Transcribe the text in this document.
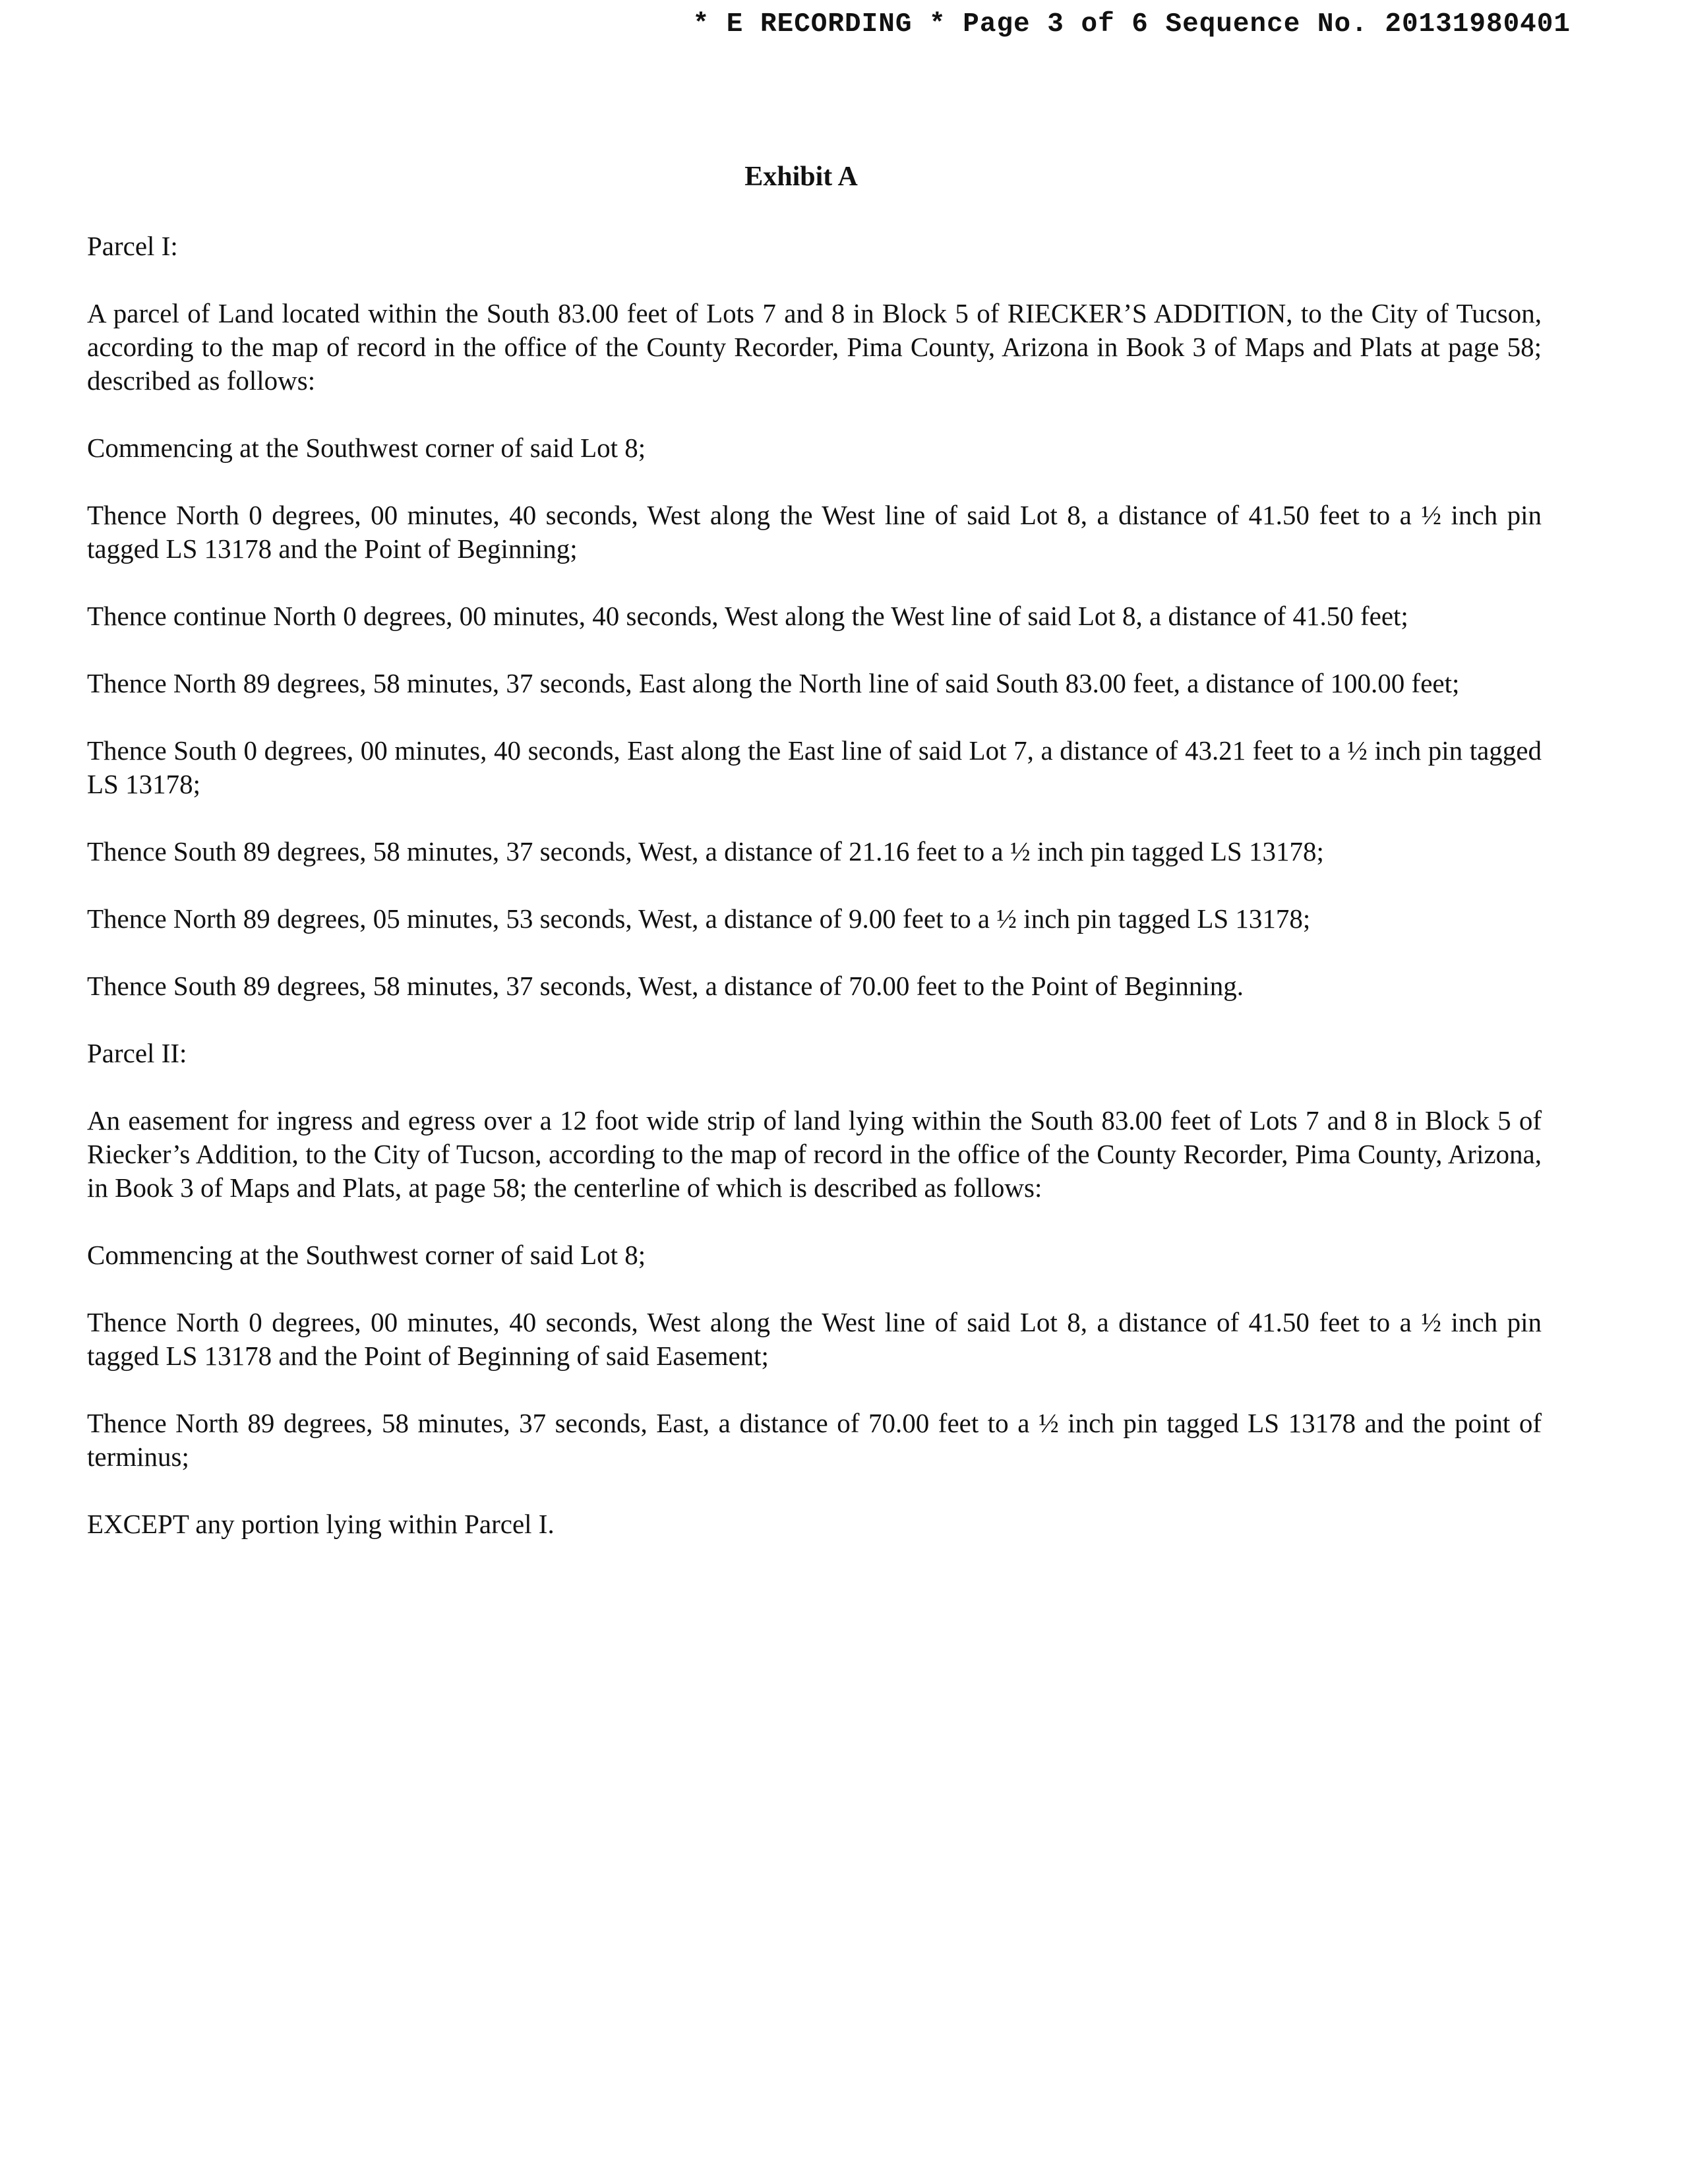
* E RECORDING * Page 3 of 6 Sequence No. 20131980401
Exhibit A

Parcel I:

A parcel of Land located within the South 83.00 feet of Lots 7 and 8 in Block 5 of RIECKER’S ADDITION, to the City of Tucson, according to the map of record in the office of the County Recorder, Pima County, Arizona in Book 3 of Maps and Plats at page 58; described as follows:

Commencing at the Southwest corner of said Lot 8;

Thence North 0 degrees, 00 minutes, 40 seconds, West along the West line of said Lot 8, a distance of 41.50 feet to a ½ inch pin tagged LS 13178 and the Point of Beginning;

Thence continue North 0 degrees, 00 minutes, 40 seconds, West along the West line of said Lot 8, a distance of 41.50 feet;

Thence North 89 degrees, 58 minutes, 37 seconds, East along the North line of said South 83.00 feet, a distance of 100.00 feet;

Thence South 0 degrees, 00 minutes, 40 seconds, East along the East line of said Lot 7, a distance of 43.21 feet to a ½ inch pin tagged LS 13178;

Thence South 89 degrees, 58 minutes, 37 seconds, West, a distance of 21.16 feet to a ½ inch pin tagged LS 13178;

Thence North 89 degrees, 05 minutes, 53 seconds, West, a distance of 9.00 feet to a ½ inch pin tagged LS 13178;

Thence South 89 degrees, 58 minutes, 37 seconds, West, a distance of 70.00 feet to the Point of Beginning.

Parcel II:

An easement for ingress and egress over a 12 foot wide strip of land lying within the South 83.00 feet of Lots 7 and 8 in Block 5 of Riecker’s Addition, to the City of Tucson, according to the map of record in the office of the County Recorder, Pima County, Arizona, in Book 3 of Maps and Plats, at page 58; the centerline of which is described as follows:

Commencing at the Southwest corner of said Lot 8;

Thence North 0 degrees, 00 minutes, 40 seconds, West along the West line of said Lot 8, a distance of 41.50 feet to a ½ inch pin tagged LS 13178 and the Point of Beginning of said Easement;

Thence North 89 degrees, 58 minutes, 37 seconds, East, a distance of 70.00 feet to a ½ inch pin tagged LS 13178 and the point of terminus;

EXCEPT any portion lying within Parcel I.
